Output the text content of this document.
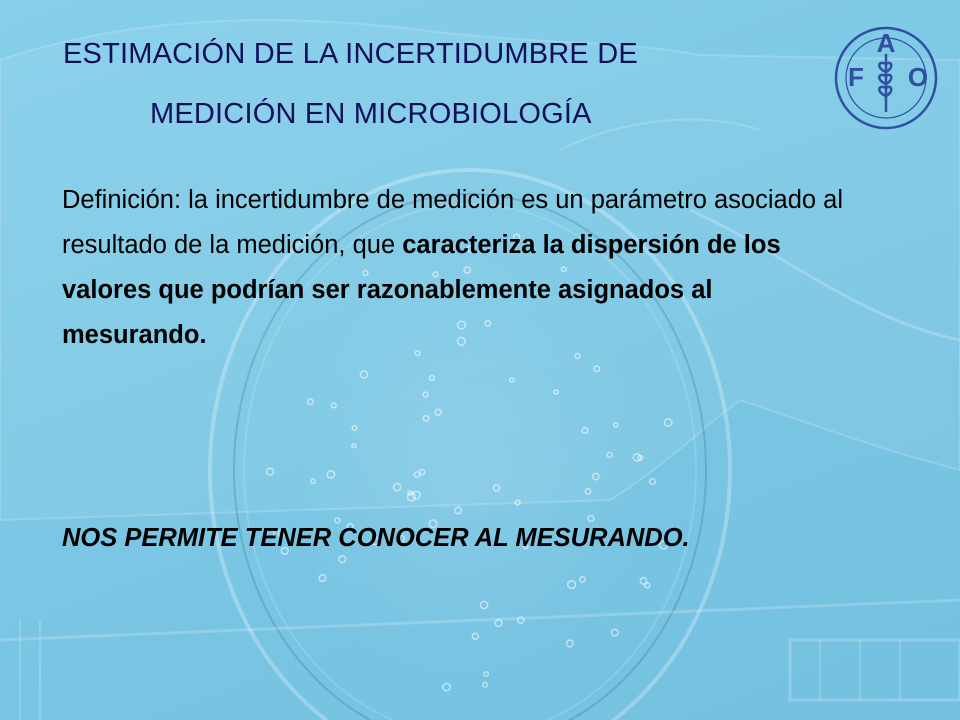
ESTIMACIÓN DE LA INCERTIDUMBRE DE
MEDICIÓN EN MICROBIOLOGÍA
F
A
O

Definición: la incertidumbre de medición es un parámetro asociado al resultado de la medición, que caracteriza la dispersión de los valores que podrían ser razonablemente asignados al mesurando.

NOS PERMITE TENER CONOCER AL MESURANDO.
